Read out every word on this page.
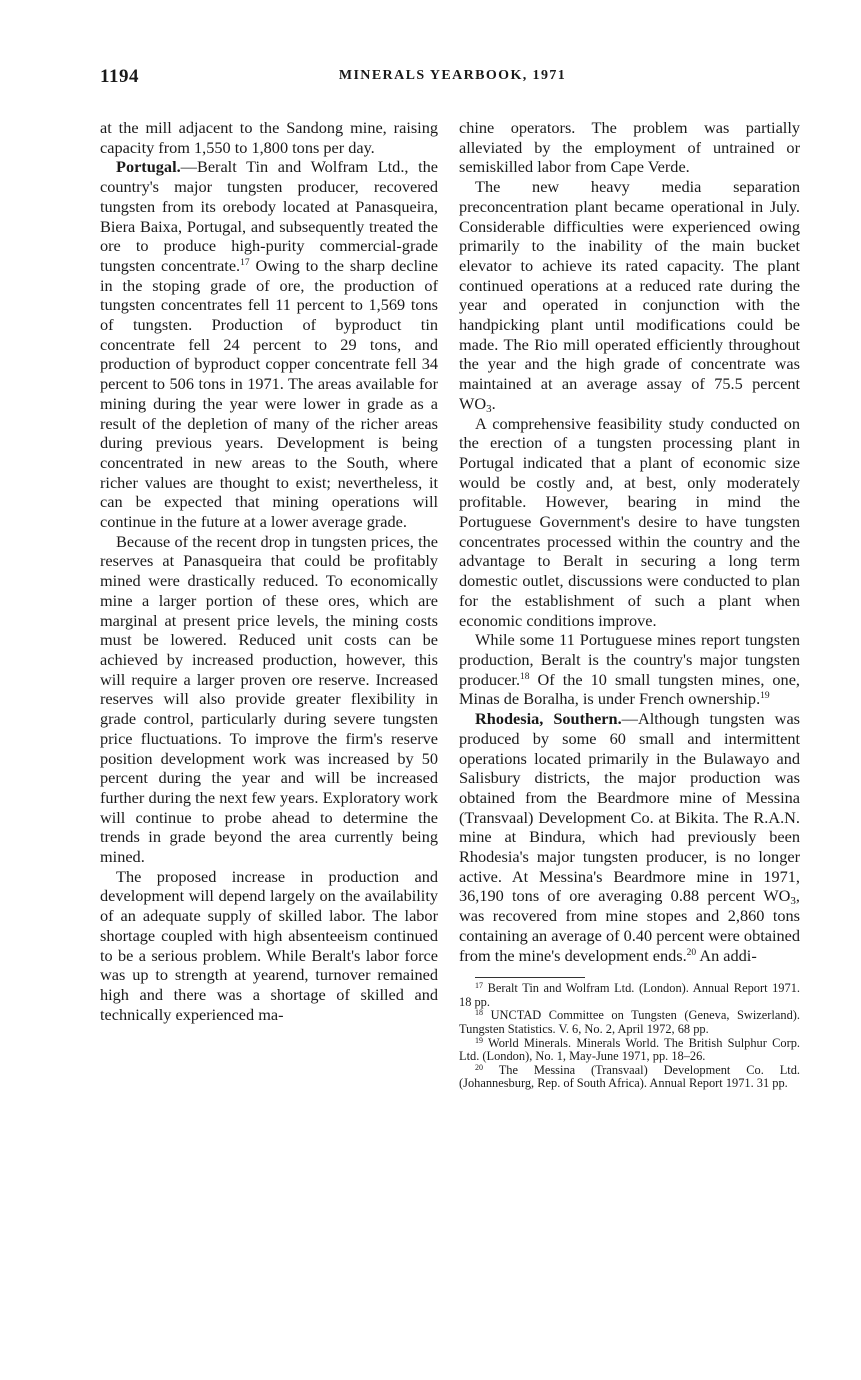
1194	MINERALS YEARBOOK, 1971

at the mill adjacent to the Sandong mine, raising capacity from 1,550 to 1,800 tons per day.

Portugal.—Beralt Tin and Wolfram Ltd., the country's major tungsten producer, recovered tungsten from its orebody located at Panasqueira, Biera Baixa, Portugal, and subsequently treated the ore to produce high-purity commercial-grade tungsten concentrate.$^{17}$ Owing to the sharp decline in the stoping grade of ore, the production of tungsten concentrates fell 11 percent to 1,569 tons of tungsten. Production of byproduct tin concentrate fell 24 percent to 29 tons, and production of byproduct copper concentrate fell 34 percent to 506 tons in 1971. The areas available for mining during the year were lower in grade as a result of the depletion of many of the richer areas during previous years. Development is being concentrated in new areas to the South, where richer values are thought to exist; nevertheless, it can be expected that mining operations will continue in the future at a lower average grade.

Because of the recent drop in tungsten prices, the reserves at Panasqueira that could be profitably mined were drastically reduced. To economically mine a larger portion of these ores, which are marginal at present price levels, the mining costs must be lowered. Reduced unit costs can be achieved by increased production, however, this will require a larger proven ore reserve. Increased reserves will also provide greater flexibility in grade control, particularly during severe tungsten price fluctuations. To improve the firm's reserve position development work was increased by 50 percent during the year and will be increased further during the next few years. Exploratory work will continue to probe ahead to determine the trends in grade beyond the area currently being mined.

The proposed increase in production and development will depend largely on the availability of an adequate supply of skilled labor. The labor shortage coupled with high absenteeism continued to be a serious problem. While Beralt's labor force was up to strength at yearend, turnover remained high and there was a shortage of skilled and technically experienced ma-

chine operators. The problem was partially alleviated by the employment of untrained or semiskilled labor from Cape Verde.

The new heavy media separation preconcentration plant became operational in July. Considerable difficulties were experienced owing primarily to the inability of the main bucket elevator to achieve its rated capacity. The plant continued operations at a reduced rate during the year and operated in conjunction with the handpicking plant until modifications could be made. The Rio mill operated efficiently throughout the year and the high grade of concentrate was maintained at an average assay of 75.5 percent $WO_3$.

A comprehensive feasibility study conducted on the erection of a tungsten processing plant in Portugal indicated that a plant of economic size would be costly and, at best, only moderately profitable. However, bearing in mind the Portuguese Government's desire to have tungsten concentrates processed within the country and the advantage to Beralt in securing a long term domestic outlet, discussions were conducted to plan for the establishment of such a plant when economic conditions improve.

While some 11 Portuguese mines report tungsten production, Beralt is the country's major tungsten producer.$^{18}$ Of the 10 small tungsten mines, one, Minas de Boralha, is under French ownership.$^{19}$

Rhodesia, Southern.—Although tungsten was produced by some 60 small and intermittent operations located primarily in the Bulawayo and Salisbury districts, the major production was obtained from the Beardmore mine of Messina (Transvaal) Development Co. at Bikita. The R.A.N. mine at Bindura, which had previously been Rhodesia's major tungsten producer, is no longer active. At Messina's Beardmore mine in 1971, 36,190 tons of ore averaging 0.88 percent $WO_3$, was recovered from mine stopes and 2,860 tons containing an average of 0.40 percent were obtained from the mine's development ends.$^{20}$ An addi-

$^{17}$ Beralt Tin and Wolfram Ltd. (London). Annual Report 1971. 18 pp.

$^{18}$ UNCTAD Committee on Tungsten (Geneva, Swizerland). Tungsten Statistics. V. 6, No. 2, April 1972, 68 pp.

$^{19}$ World Minerals. Minerals World. The British Sulphur Corp. Ltd. (London), No. 1, May-June 1971, pp. 18–26.

$^{20}$ The Messina (Transvaal) Development Co. Ltd. (Johannesburg, Rep. of South Africa). Annual Report 1971. 31 pp.
